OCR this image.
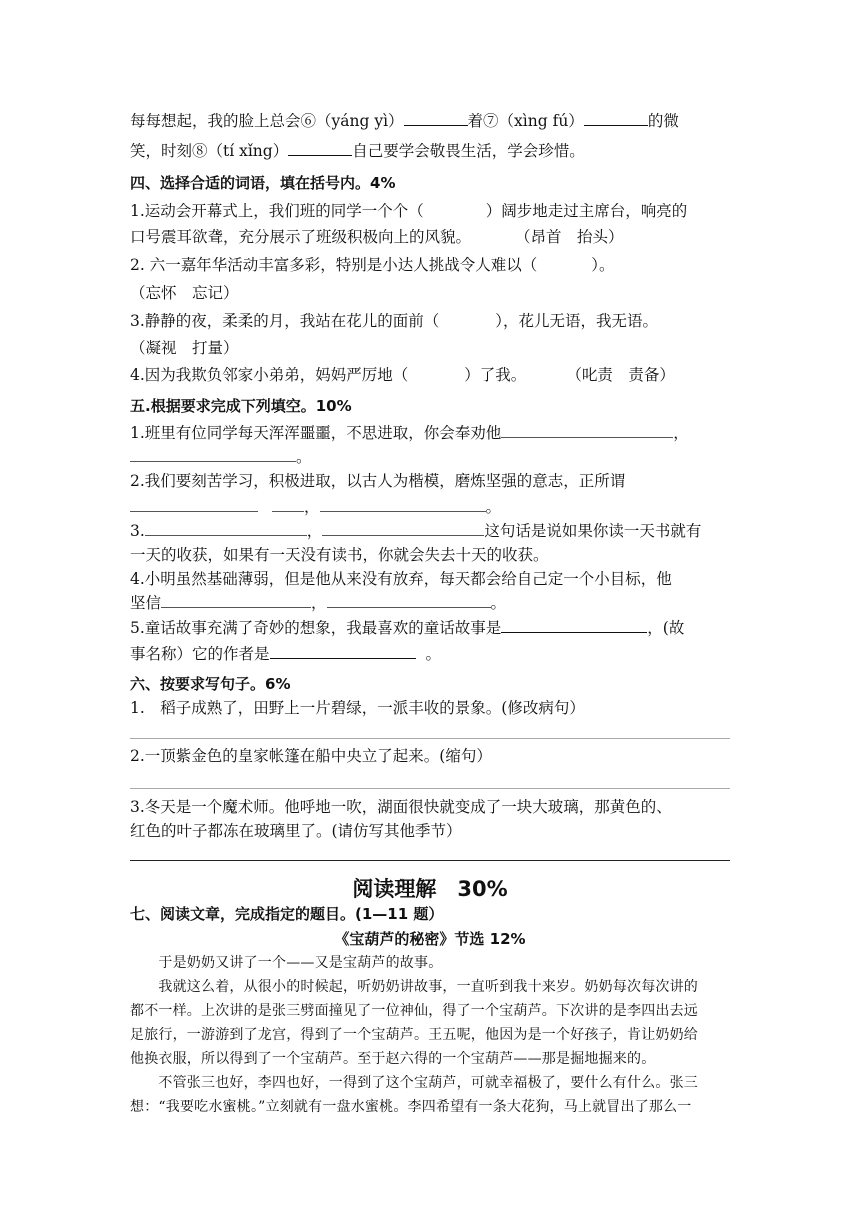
每每想起，我的脸上总会⑥（yáng yì）	着⑦（xìng fú）	的微
笑，时刻⑧（tí xǐng）	自己要学会敬畏生活，学会珍惜。
四、选择合适的词语，填在括号内。4%
1.运动会开幕式上，我们班的同学一个个（	）阔步地走过主席台，响亮的
口号震耳欲聋，充分展示了班级积极向上的风貌。	（昂首　抬头）
2. 六一嘉年华活动丰富多彩，特别是小达人挑战令人难以（	）。
（忘怀　忘记）
3.静静的夜，柔柔的月，我站在花儿的面前（	），花儿无语，我无语。
（凝视　打量）
4.因为我欺负邻家小弟弟，妈妈严厉地（	）了我。	（叱责　责备）
五.根据要求完成下列填空。10%
1.班里有位同学每天浑浑噩噩，不思进取，你会奉劝他	，
。
2.我们要刻苦学习，积极进取，以古人为楷模，磨炼坚强的意志，正所谓
，	。
3.	，	这句话是说如果你读一天书就有
一天的收获，如果有一天没有读书，你就会失去十天的收获。
4.小明虽然基础薄弱，但是他从来没有放弃，每天都会给自己定一个小目标，他
坚信	，	。
5.童话故事充满了奇妙的想象，我最喜欢的童话故事是	，(故
事名称）它的作者是	。
六、按要求写句子。6%
1.　稻子成熟了，田野上一片碧绿，一派丰收的景象。(修改病句）
2.一顶紫金色的皇家帐篷在船中央立了起来。(缩句）
3.冬天是一个魔术师。他呼地一吹，湖面很快就变成了一块大玻璃，那黄色的、
红色的叶子都冻在玻璃里了。(请仿写其他季节）
阅读理解　30%
七、阅读文章，完成指定的题目。(1—11 题）
《宝葫芦的秘密》节选 12%
　　于是奶奶又讲了一个——又是宝葫芦的故事。
　　我就这么着，从很小的时候起，听奶奶讲故事，一直听到我十来岁。奶奶每次每次讲的
都不一样。上次讲的是张三劈面撞见了一位神仙，得了一个宝葫芦。下次讲的是李四出去远
足旅行，一游游到了龙宫，得到了一个宝葫芦。王五呢，他因为是一个好孩子，肯让奶奶给
他换衣服，所以得到了一个宝葫芦。至于赵六得的一个宝葫芦——那是掘地掘来的。
　　不管张三也好，李四也好，一得到了这个宝葫芦，可就幸福极了，要什么有什么。张三
想：“我要吃水蜜桃。”立刻就有一盘水蜜桃。李四希望有一条大花狗，马上就冒出了那么一
